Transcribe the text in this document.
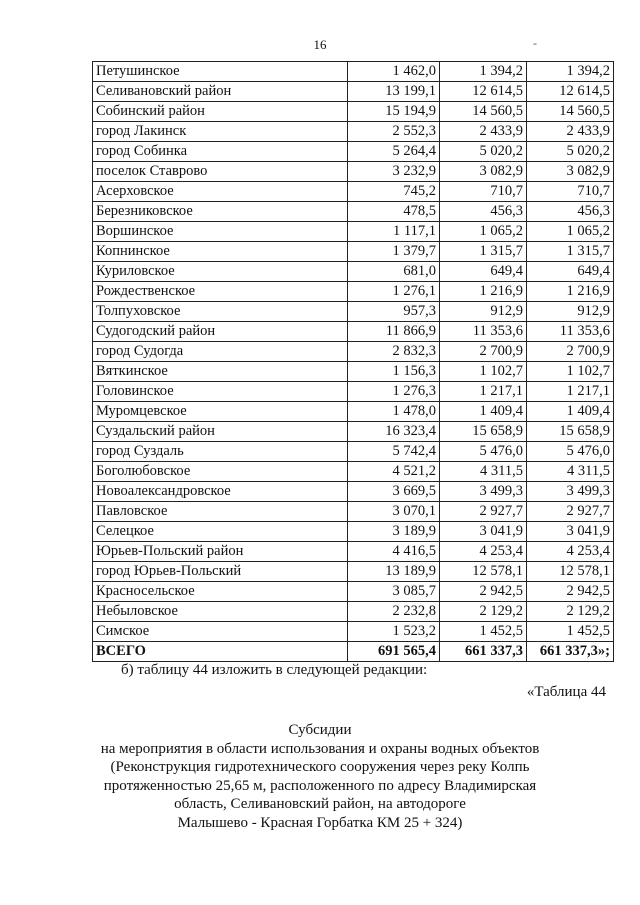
16	-
Петушинское	1 462,0	1 394,2	1 394,2
Селивановский район	13 199,1	12 614,5	12 614,5
Собинский район	15 194,9	14 560,5	14 560,5
город Лакинск	2 552,3	2 433,9	2 433,9
город Собинка	5 264,4	5 020,2	5 020,2
поселок Ставрово	3 232,9	3 082,9	3 082,9
Асерховское	745,2	710,7	710,7
Березниковское	478,5	456,3	456,3
Воршинское	1 117,1	1 065,2	1 065,2
Копнинское	1 379,7	1 315,7	1 315,7
Куриловское	681,0	649,4	649,4
Рождественское	1 276,1	1 216,9	1 216,9
Толпуховское	957,3	912,9	912,9
Судогодский район	11 866,9	11 353,6	11 353,6
город Судогда	2 832,3	2 700,9	2 700,9
Вяткинское	1 156,3	1 102,7	1 102,7
Головинское	1 276,3	1 217,1	1 217,1
Муромцевское	1 478,0	1 409,4	1 409,4
Суздальский район	16 323,4	15 658,9	15 658,9
город Суздаль	5 742,4	5 476,0	5 476,0
Боголюбовское	4 521,2	4 311,5	4 311,5
Новоалександровское	3 669,5	3 499,3	3 499,3
Павловское	3 070,1	2 927,7	2 927,7
Селецкое	3 189,9	3 041,9	3 041,9
Юрьев-Польский район	4 416,5	4 253,4	4 253,4
город Юрьев-Польский	13 189,9	12 578,1	12 578,1
Красносельское	3 085,7	2 942,5	2 942,5
Небыловское	2 232,8	2 129,2	2 129,2
Симское	1 523,2	1 452,5	1 452,5
ВСЕГО	691 565,4	661 337,3	661 337,3»;
б) таблицу 44 изложить в следующей редакции:
«Таблица 44
Субсидии
на мероприятия в области использования и охраны водных объектов
(Реконструкция гидротехнического сооружения через реку Колпь
протяженностью 25,65 м, расположенного по адресу Владимирская
область, Селивановский район, на автодороге
Малышево - Красная Горбатка КМ 25 + 324)
